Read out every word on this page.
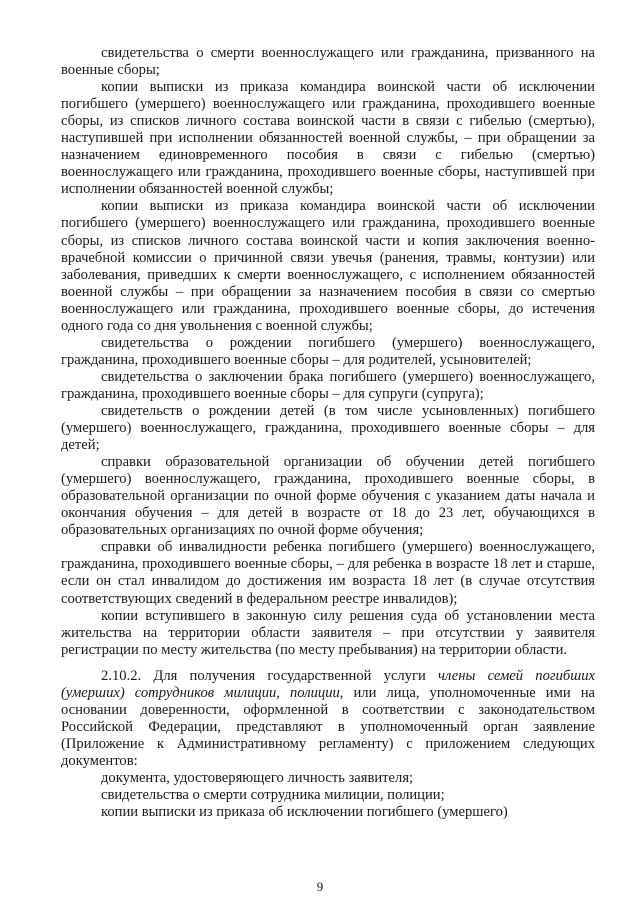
свидетельства о смерти военнослужащего или гражданина, призванного на военные сборы;

копии выписки из приказа командира воинской части об исключении погибшего (умершего) военнослужащего или гражданина, проходившего военные сборы, из списков личного состава воинской части в связи с гибелью (смертью), наступившей при исполнении обязанностей военной службы, – при обращении за назначением единовременного пособия в связи с гибелью (смертью) военнослужащего или гражданина, проходившего военные сборы, наступившей при исполнении обязанностей военной службы;

копии выписки из приказа командира воинской части об исключении погибшего (умершего) военнослужащего или гражданина, проходившего военные сборы, из списков личного состава воинской части и копия заключения военно-врачебной комиссии о причинной связи увечья (ранения, травмы, контузии) или заболевания, приведших к смерти военнослужащего, с исполнением обязанностей военной службы – при обращении за назначением пособия в связи со смертью военнослужащего или гражданина, проходившего военные сборы, до истечения одного года со дня увольнения с военной службы;

свидетельства о рождении погибшего (умершего) военнослужащего, гражданина, проходившего военные сборы – для родителей, усыновителей;

свидетельства о заключении брака погибшего (умершего) военнослужащего, гражданина, проходившего военные сборы – для супруги (супруга);

свидетельств о рождении детей (в том числе усыновленных) погибшего (умершего) военнослужащего, гражданина, проходившего военные сборы – для детей;

справки образовательной организации об обучении детей погибшего (умершего) военнослужащего, гражданина, проходившего военные сборы, в образовательной организации по очной форме обучения с указанием даты начала и окончания обучения – для детей в возрасте от 18 до 23 лет, обучающихся в образовательных организациях по очной форме обучения;

справки об инвалидности ребенка погибшего (умершего) военнослужащего, гражданина, проходившего военные сборы, – для ребенка в возрасте 18 лет и старше, если он стал инвалидом до достижения им возраста 18 лет (в случае отсутствия соответствующих сведений в федеральном реестре инвалидов);

копии вступившего в законную силу решения суда об установлении места жительства на территории области заявителя – при отсутствии у заявителя регистрации по месту жительства (по месту пребывания) на территории области.

2.10.2. Для получения государственной услуги члены семей погибших (умерших) сотрудников милиции, полиции, или лица, уполномоченные ими на основании доверенности, оформленной в соответствии с законодательством Российской Федерации, представляют в уполномоченный орган заявление (Приложение к Административному регламенту) с приложением следующих документов:

документа, удостоверяющего личность заявителя;

свидетельства о смерти сотрудника милиции, полиции;

копии выписки из приказа об исключении погибшего (умершего)

9
